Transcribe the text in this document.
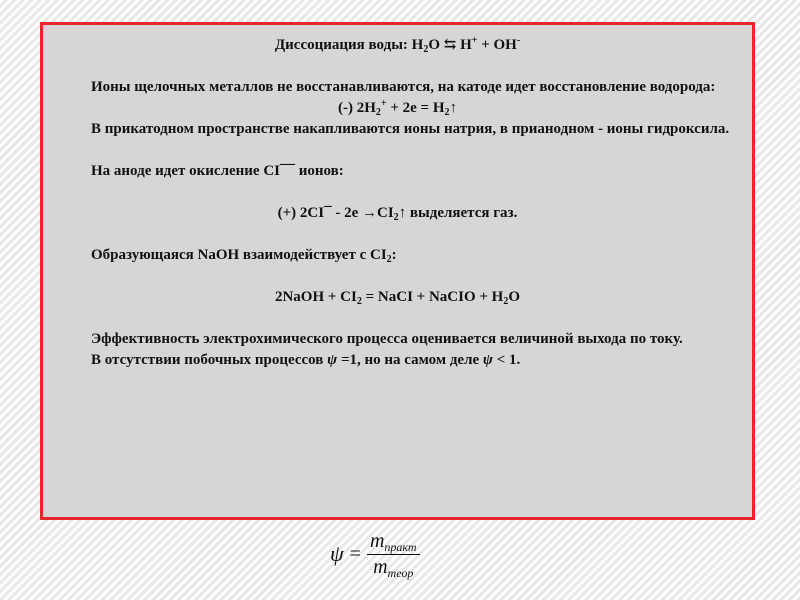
Диссоциация воды: $H_2O$ ⇆ H+ + OH-

Ионы щелочных металлов не восстанавливаются, на катоде идет восстановление водорода:

(-) $2H_2^+ + 2e$ = $H_2↑$

В прикатодном пространстве накапливаются ионы натрия, в прианодном - ионы гидроксила.

На аноде идет окисление CI¯¯ ионов:

(+) 2CI¯ - $2e \to CI_2↑$ выделяется газ.

Образующаяся NaOH взаимодействует с $CI_2$:

2NaOH + $CI_2$ = NaCI + NaCIO + $H_2O$

Эффективность электрохимического процесса оценивается величиной выхода по току.

В отсутствии побочных процессов ψ =1, но на самом деле ψ < 1.

$\psi = \frac{m_{практ}}{m_{теор}}$
